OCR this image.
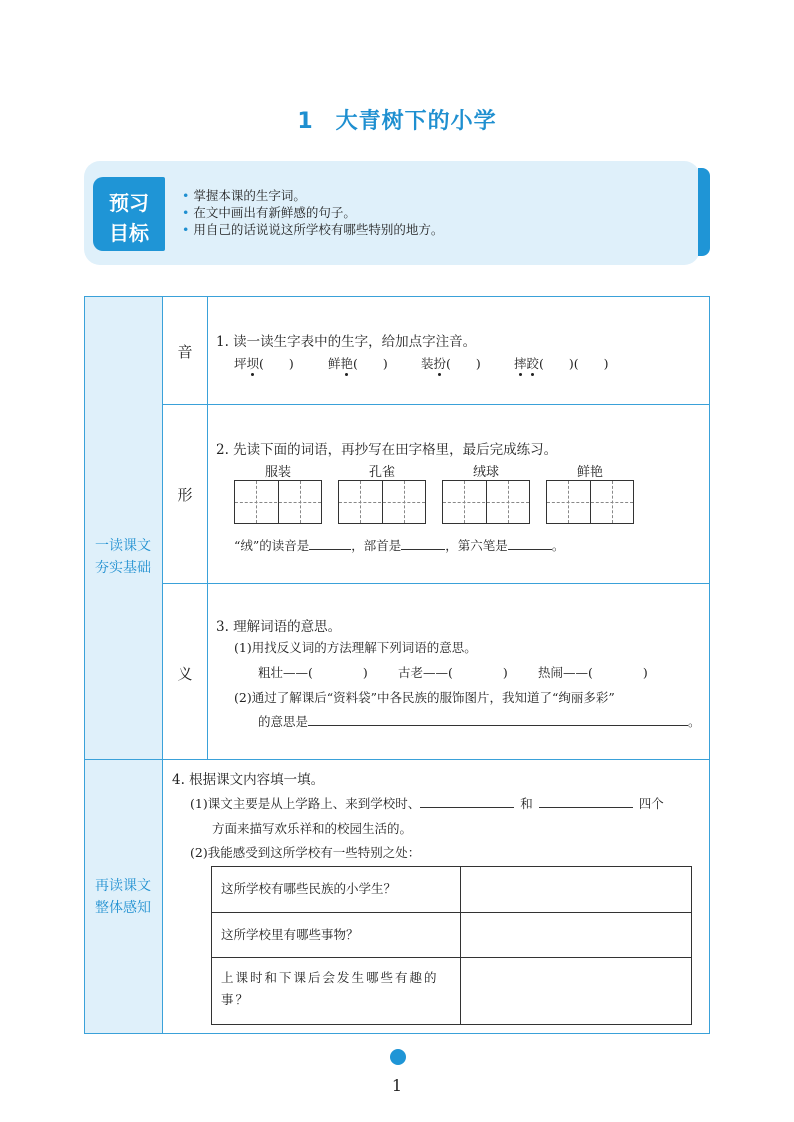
1 大青树下的小学
预习
目标
• 掌握本课的生字词。
• 在文中画出有新鲜感的句子。
• 用自己的话说说这所学校有哪些特别的地方。
一读课文
夯实基础
音
1. 读一读生字表中的生字，给加点字注音。
坪坝(　　)	鲜艳(　　)	装扮(　　)	摔跤(　　)(　　)
形
2. 先读下面的词语，再抄写在田字格里，最后完成练习。
服装	孔雀	绒球	鲜艳
“绒”的读音是	，部首是	，第六笔是	。
义
3. 理解词语的意思。
(1)用找反义词的方法理解下列词语的意思。
粗壮——(　　　　) 古老——(　　　　) 热闹——(　　　　)
(2)通过了解课后“资料袋”中各民族的服饰图片，我知道了“绚丽多彩”
的意思是	。
再读课文
整体感知
4. 根据课文内容填一填。
(1)课文主要是从上学路上、来到学校时、	和	四个
方面来描写欢乐祥和的校园生活的。
(2)我能感受到这所学校有一些特别之处：
这所学校有哪些民族的小学生？
这所学校里有哪些事物？
上课时和下课后会发生哪些有趣的事？
1
